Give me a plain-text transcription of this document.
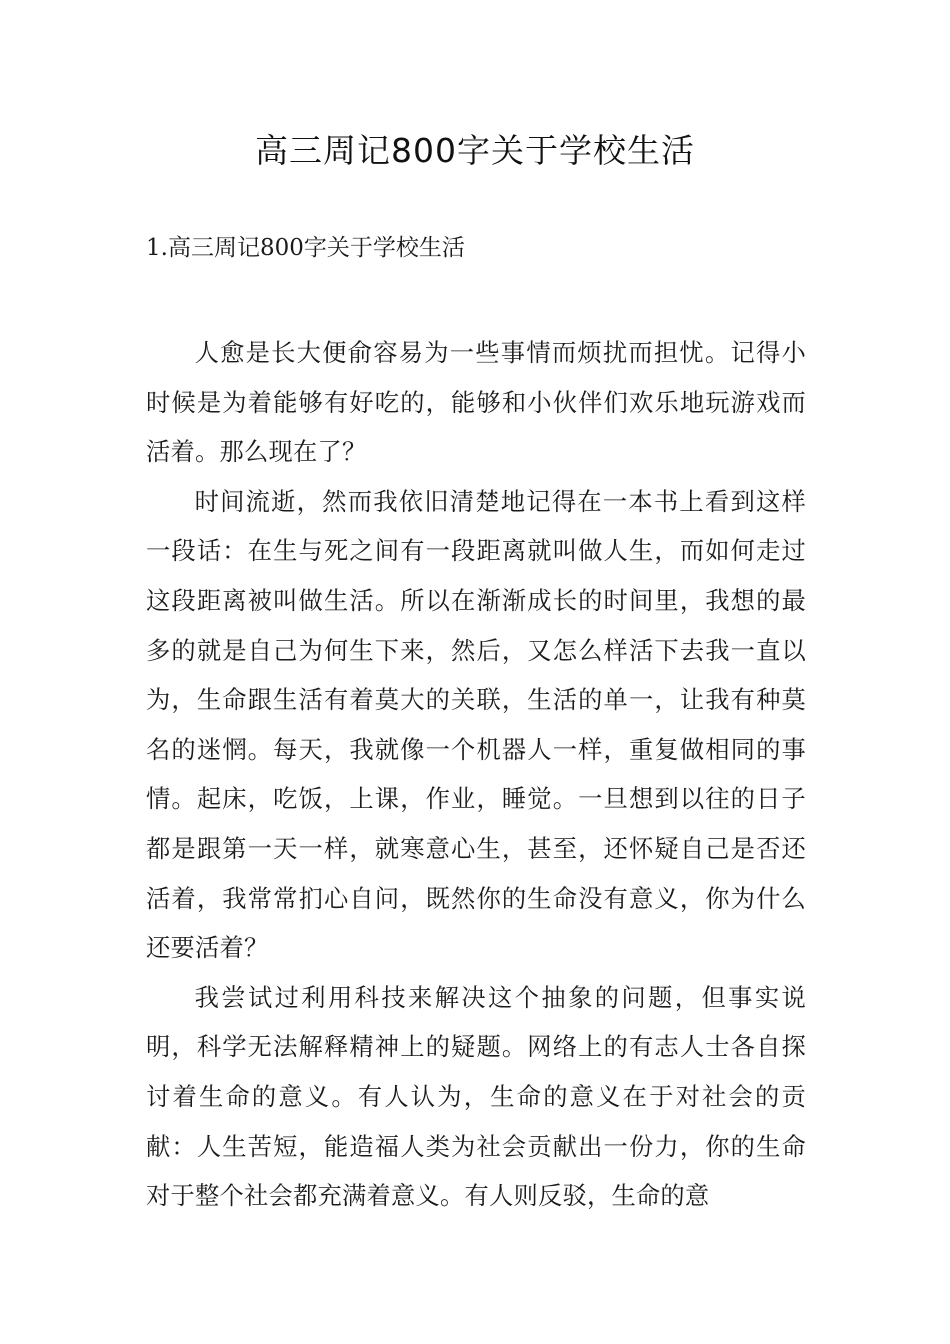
高三周记800字关于学校生活
1.高三周记800字关于学校生活

人愈是长大便俞容易为一些事情而烦扰而担忧。记得小时候是为着能够有好吃的，能够和小伙伴们欢乐地玩游戏而活着。那么现在了？

时间流逝，然而我依旧清楚地记得在一本书上看到这样一段话：在生与死之间有一段距离就叫做人生，而如何走过这段距离被叫做生活。所以在渐渐成长的时间里，我想的最多的就是自己为何生下来，然后，又怎么样活下去我一直以为，生命跟生活有着莫大的关联，生活的单一，让我有种莫名的迷惘。每天，我就像一个机器人一样，重复做相同的事情。起床，吃饭，上课，作业，睡觉。一旦想到以往的日子都是跟第一天一样，就寒意心生，甚至，还怀疑自己是否还活着，我常常扪心自问，既然你的生命没有意义，你为什么还要活着？

我尝试过利用科技来解决这个抽象的问题，但事实说明，科学无法解释精神上的疑题。网络上的有志人士各自探讨着生命的意义。有人认为，生命的意义在于对社会的贡献：人生苦短，能造福人类为社会贡献出一份力，你的生命对于整个社会都充满着意义。有人则反驳，生命的意
